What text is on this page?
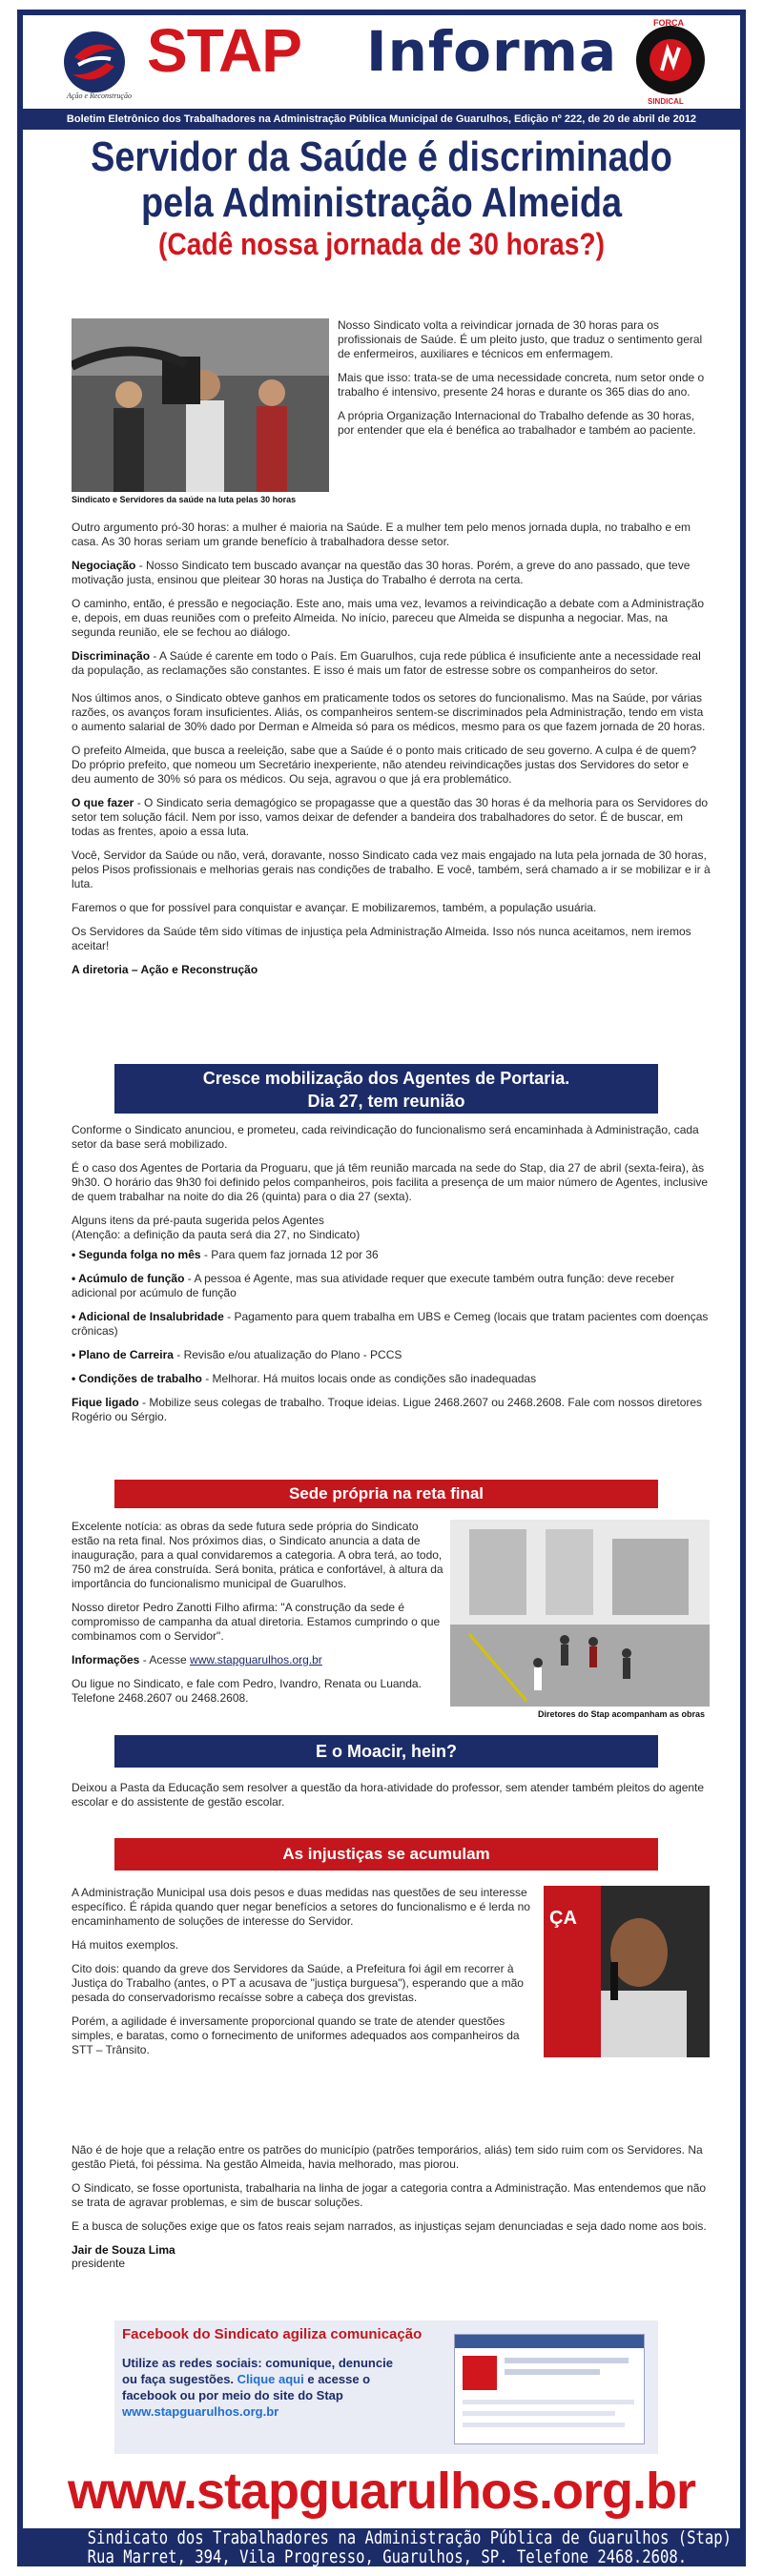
Ação e Reconstrução
STAP Informa	FORÇA
SINDICAL
Boletim Eletrônico dos Trabalhadores na Administração Pública Municipal de Guarulhos, Edição nº 222, de 20 de abril de 2012
Servidor da Saúde é discriminado
pela Administração Almeida
(Cadê nossa jornada de 30 horas?)
Sindicato e Servidores da saúde na luta pelas 30 horas

Nosso Sindicato volta a reivindicar jornada de 30 horas para os profissionais de Saúde. É um pleito justo, que traduz o sentimento geral de enfermeiros, auxiliares e técnicos em enfermagem.

Mais que isso: trata-se de uma necessidade concreta, num setor onde o trabalho é intensivo, presente 24 horas e durante os 365 dias do ano.

A própria Organização Internacional do Trabalho defende as 30 horas, por entender que ela é benéfica ao trabalhador e também ao paciente.

Outro argumento pró-30 horas: a mulher é maioria na Saúde. E a mulher tem pelo menos jornada dupla, no trabalho e em casa. As 30 horas seriam um grande benefício à trabalhadora desse setor.

Negociação - Nosso Sindicato tem buscado avançar na questão das 30 horas. Porém, a greve do ano passado, que teve motivação justa, ensinou que pleitear 30 horas na Justiça do Trabalho é derrota na certa.

O caminho, então, é pressão e negociação. Este ano, mais uma vez, levamos a reivindicação a debate com a Administração e, depois, em duas reuniões com o prefeito Almeida. No início, pareceu que Almeida se dispunha a negociar. Mas, na segunda reunião, ele se fechou ao diálogo.

Discriminação - A Saúde é carente em todo o País. Em Guarulhos, cuja rede pública é insuficiente ante a necessidade real da população, as reclamações são constantes. E isso é mais um fator de estresse sobre os companheiros do setor.

Nos últimos anos, o Sindicato obteve ganhos em praticamente todos os setores do funcionalismo. Mas na Saúde, por várias razões, os avanços foram insuficientes. Aliás, os companheiros sentem-se discriminados pela Administração, tendo em vista o aumento salarial de 30% dado por Derman e Almeida só para os médicos, mesmo para os que fazem jornada de 20 horas.

O prefeito Almeida, que busca a reeleição, sabe que a Saúde é o ponto mais criticado de seu governo. A culpa é de quem? Do próprio prefeito, que nomeou um Secretário inexperiente, não atendeu reivindicações justas dos Servidores do setor e deu aumento de 30% só para os médicos. Ou seja, agravou o que já era problemático.

O que fazer - O Sindicato seria demagógico se propagasse que a questão das 30 horas é da melhoria para os Servidores do setor tem solução fácil. Nem por isso, vamos deixar de defender a bandeira dos trabalhadores do setor. É de buscar, em todas as frentes, apoio a essa luta.

Você, Servidor da Saúde ou não, verá, doravante, nosso Sindicato cada vez mais engajado na luta pela jornada de 30 horas, pelos Pisos profissionais e melhorias gerais nas condições de trabalho. E você, também, será chamado a ir se mobilizar e ir à luta.

Faremos o que for possível para conquistar e avançar. E mobilizaremos, também, a população usuária.

Os Servidores da Saúde têm sido vítimas de injustiça pela Administração Almeida. Isso nós nunca aceitamos, nem iremos aceitar!

A diretoria – Ação e Reconstrução

Cresce mobilização dos Agentes de Portaria.
Dia 27, tem reunião

Conforme o Sindicato anunciou, e prometeu, cada reivindicação do funcionalismo será encaminhada à Administração, cada setor da base será mobilizado.

É o caso dos Agentes de Portaria da Proguaru, que já têm reunião marcada na sede do Stap, dia 27 de abril (sexta-feira), às 9h30. O horário das 9h30 foi definido pelos companheiros, pois facilita a presença de um maior número de Agentes, inclusive de quem trabalhar na noite do dia 26 (quinta) para o dia 27 (sexta).

Alguns itens da pré-pauta sugerida pelos Agentes
(Atenção: a definição da pauta será dia 27, no Sindicato)

• Segunda folga no mês - Para quem faz jornada 12 por 36

• Acúmulo de função - A pessoa é Agente, mas sua atividade requer que execute também outra função: deve receber adicional por acúmulo de função

• Adicional de Insalubridade - Pagamento para quem trabalha em UBS e Cemeg (locais que tratam pacientes com doenças crônicas)

• Plano de Carreira - Revisão e/ou atualização do Plano - PCCS

• Condições de trabalho - Melhorar. Há muitos locais onde as condições são inadequadas

Fique ligado - Mobilize seus colegas de trabalho. Troque ideias. Ligue 2468.2607 ou 2468.2608. Fale com nossos diretores Rogério ou Sérgio.

Sede própria na reta final

Excelente notícia: as obras da sede futura sede própria do Sindicato estão na reta final. Nos próximos dias, o Sindicato anuncia a data de inauguração, para a qual convidaremos a categoria. A obra terá, ao todo, 750 m2 de área construída. Será bonita, prática e confortável, à altura da importância do funcionalismo municipal de Guarulhos.

Nosso diretor Pedro Zanotti Filho afirma: "A construção da sede é compromisso de campanha da atual diretoria. Estamos cumprindo o que combinamos com o Servidor".

Informações - Acesse www.stapguarulhos.org.br

Ou ligue no Sindicato, e fale com Pedro, Ivandro, Renata ou Luanda. Telefone 2468.2607 ou 2468.2608.

Diretores do Stap acompanham as obras
E o Moacir, hein?

Deixou a Pasta da Educação sem resolver a questão da hora-atividade do professor, sem atender também pleitos do agente escolar e do assistente de gestão escolar.

As injustiças se acumulam
ÇA

A Administração Municipal usa dois pesos e duas medidas nas questões de seu interesse específico. É rápida quando quer negar benefícios a setores do funcionalismo e é lerda no encaminhamento de soluções de interesse do Servidor.

Há muitos exemplos.

Cito dois: quando da greve dos Servidores da Saúde, a Prefeitura foi ágil em recorrer à Justiça do Trabalho (antes, o PT a acusava de "justiça burguesa"), esperando que a mão pesada do conservadorismo recaísse sobre a cabeça dos grevistas.

Porém, a agilidade é inversamente proporcional quando se trate de atender questões simples, e baratas, como o fornecimento de uniformes adequados aos companheiros da STT – Trânsito.

Não é de hoje que a relação entre os patrões do município (patrões temporários, aliás) tem sido ruim com os Servidores. Na gestão Pietá, foi péssima. Na gestão Almeida, havia melhorado, mas piorou.

O Sindicato, se fosse oportunista, trabalharia na linha de jogar a categoria contra a Administração. Mas entendemos que não se trata de agravar problemas, e sim de buscar soluções.

E a busca de soluções exige que os fatos reais sejam narrados, as injustiças sejam denunciadas e seja dado nome aos bois.

Jair de Souza Lima
presidente

Facebook do Sindicato agiliza comunicação
Utilize as redes sociais: comunique, denuncie ou faça sugestões. Clique aqui e acesse o facebook ou por meio do site do Stap
www.stapguarulhos.org.br
www.stapguarulhos.org.br
Sindicato dos Trabalhadores na Administração Pública de Guarulhos (Stap)
Rua Marret, 394, Vila Progresso, Guarulhos, SP. Telefone 2468.2608.
